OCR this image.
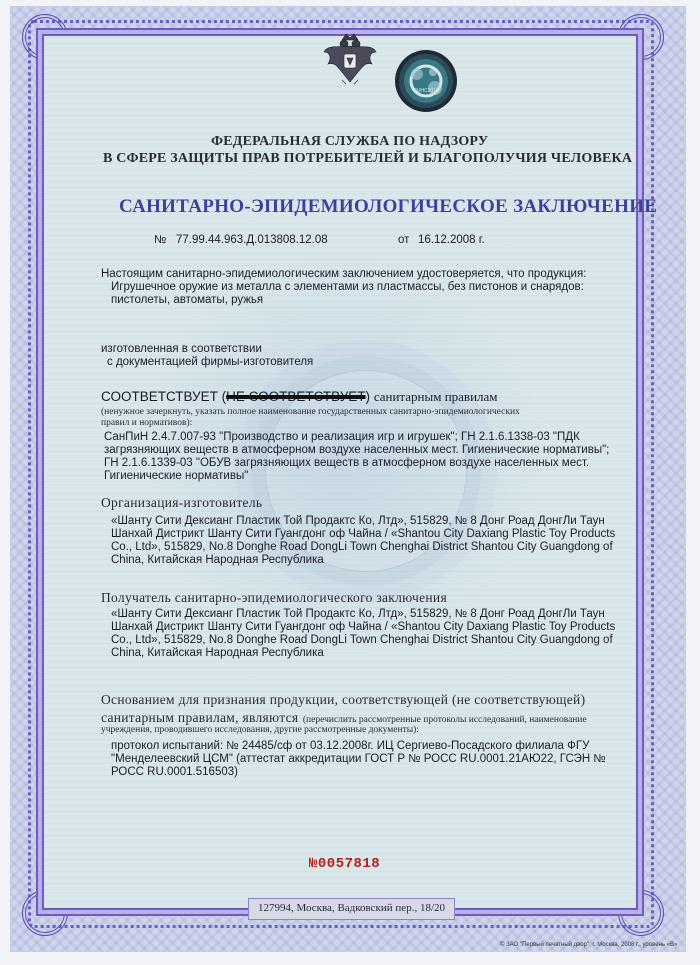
DUHC2016
ФЕДЕРАЛЬНАЯ СЛУЖБА ПО НАДЗОРУ
В СФЕРЕ ЗАЩИТЫ ПРАВ ПОТРЕБИТЕЛЕЙ И БЛАГОПОЛУЧИЯ ЧЕЛОВЕКА
САНИТАРНО-ЭПИДЕМИОЛОГИЧЕСКОЕ ЗАКЛЮЧЕНИЕ
№ 77.99.44.963.Д.013808.12.08	от 16.12.2008 г.
Настоящим санитарно-эпидемиологическим заключением удостоверяется, что продукция:
Игрушечное оружие из металла с элементами из пластмассы, без пистонов и снарядов:
пистолеты, автоматы, ружья
изготовленная в соответствии
с документацией фирмы-изготовителя
СООТВЕТСТВУЕТ (НЕ СООТВЕТСТВУЕТ) санитарным правилам
(ненужное зачеркнуть, указать полное наименование государственных санитарно-эпидемиологических
правил и нормативов):
СанПиН 2.4.7.007-93 "Производство и реализация игр и игрушек"; ГН 2.1.6.1338-03 "ПДК
загрязняющих веществ в атмосферном воздухе населенных мест. Гигиенические нормативы";
ГН 2.1.6.1339-03 "ОБУВ загрязняющих веществ в атмосферном воздухе населенных мест.
Гигиенические нормативы"
Организация-изготовитель
«Шанту Сити Дексианг Пластик Той Продактс Ко, Лтд», 515829, № 8 Донг Роад ДонгЛи Таун
Шанхай Дистрикт Шанту Сити Гуангдонг оф Чайна / «Shantou City Daxiang Plastic Toy Products
Co., Ltd», 515829, No.8 Donghe Road DongLi Town Chenghai District Shantou City Guangdong of
China, Китайская Народная Республика
Получатель санитарно-эпидемиологического заключения
«Шанту Сити Дексианг Пластик Той Продактс Ко, Лтд», 515829, № 8 Донг Роад ДонгЛи Таун
Шанхай Дистрикт Шанту Сити Гуангдонг оф Чайна / «Shantou City Daxiang Plastic Toy Products
Co., Ltd», 515829, No.8 Donghe Road DongLi Town Chenghai District Shantou City Guangdong of
China, Китайская Народная Республика
Основанием для признания продукции, соответствующей (не соответствующей)
санитарным правилам, являются (перечислить рассмотренные протоколы исследований, наименование
учреждения, проводившего исследования, другие рассмотренные документы):
протокол испытаний: № 24485/сф от 03.12.2008г. ИЦ Сергиево-Посадского филиала ФГУ
"Менделеевский ЦСМ" (аттестат аккредитации ГОСТ Р № РОСС RU.0001.21АЮ22, ГСЭН №
РОСС RU.0001.516503)
№0057818
127994, Москва, Вадковский пер., 18/20
© ЗАО "Первый печатный двор", г. Москва, 2008 г., уровень «В»
